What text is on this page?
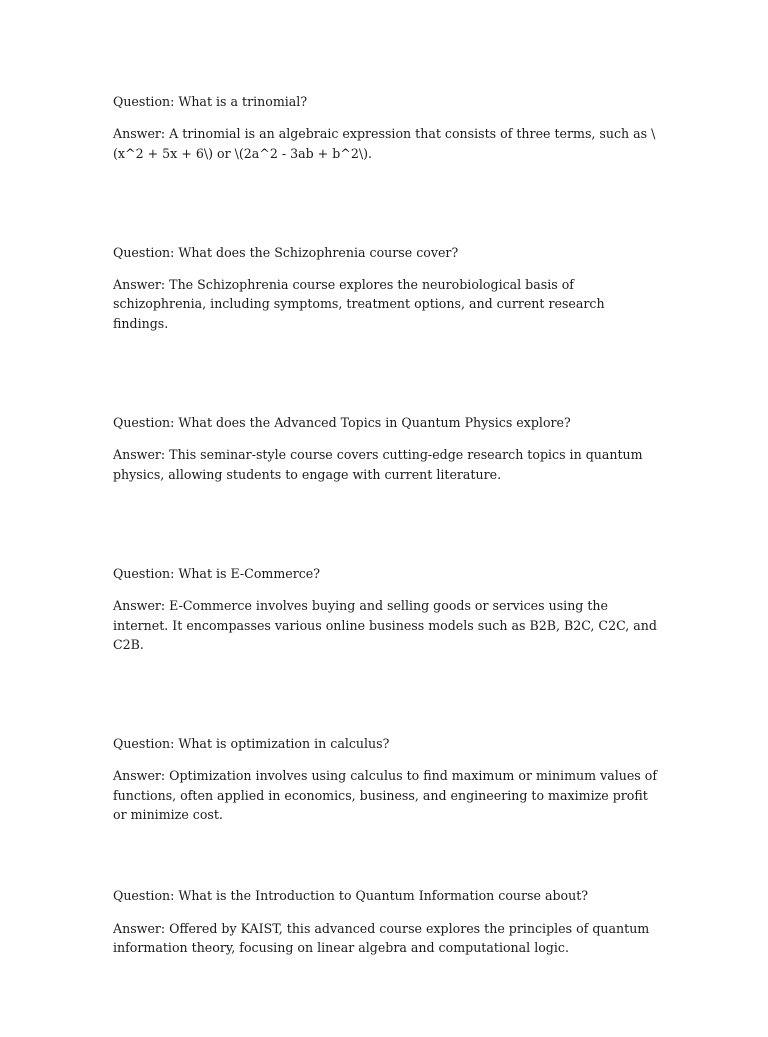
Question: What is a trinomial?

Answer: A trinomial is an algebraic expression that consists of three terms, such as \(x^2 + 5x + 6\) or \(2a^2 - 3ab + b^2\).

Question: What does the Schizophrenia course cover?

Answer: The Schizophrenia course explores the neurobiological basis of schizophrenia, including symptoms, treatment options, and current research findings.

Question: What does the Advanced Topics in Quantum Physics explore?

Answer: This seminar-style course covers cutting-edge research topics in quantum physics, allowing students to engage with current literature.

Question: What is E-Commerce?

Answer: E-Commerce involves buying and selling goods or services using the internet. It encompasses various online business models such as B2B, B2C, C2C, and C2B.

Question: What is optimization in calculus?

Answer: Optimization involves using calculus to find maximum or minimum values of functions, often applied in economics, business, and engineering to maximize profit or minimize cost.

Question: What is the Introduction to Quantum Information course about?

Answer: Offered by KAIST, this advanced course explores the principles of quantum information theory, focusing on linear algebra and computational logic.
